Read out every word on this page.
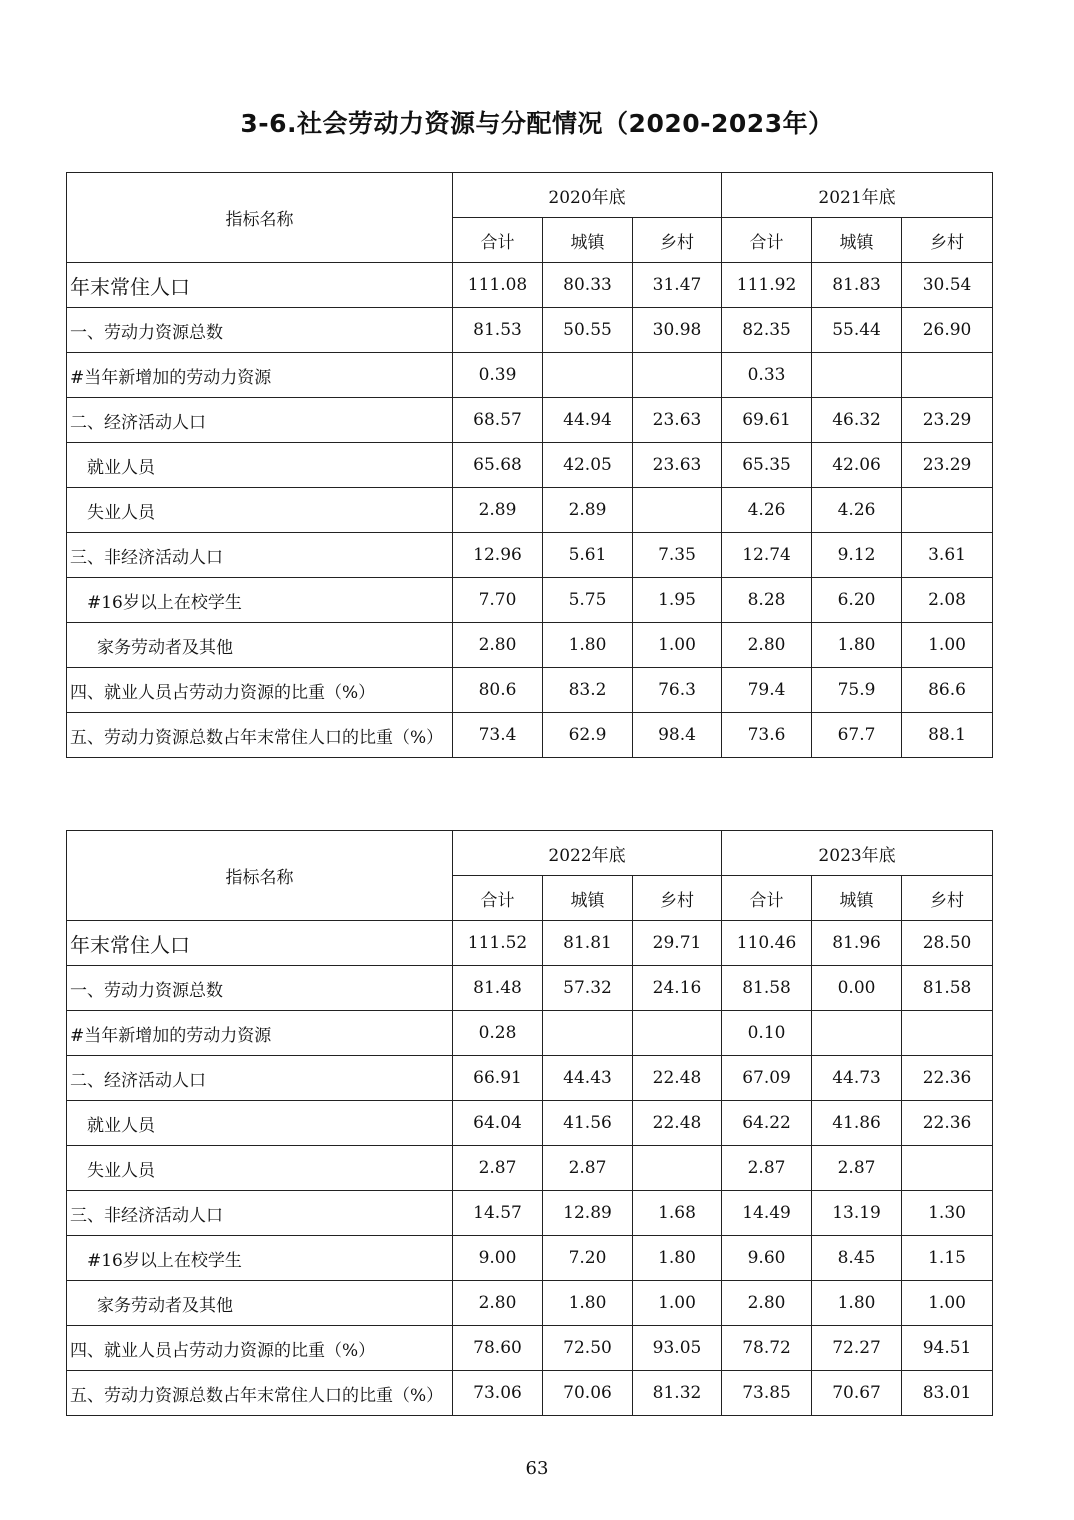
3-6.社会劳动力资源与分配情况（2020-2023年）
指标名称	2020年底			2021年底		
	合计	城镇	乡村	合计	城镇	乡村
年末常住人口	111.08	80.33	31.47	111.92	81.83	30.54
一、劳动力资源总数	81.53	50.55	30.98	82.35	55.44	26.90
#当年新增加的劳动力资源	0.39			0.33		
二、经济活动人口	68.57	44.94	23.63	69.61	46.32	23.29
就业人员	65.68	42.05	23.63	65.35	42.06	23.29
失业人员	2.89	2.89		4.26	4.26	
三、非经济活动人口	12.96	5.61	7.35	12.74	9.12	3.61
#16岁以上在校学生	7.70	5.75	1.95	8.28	6.20	2.08
家务劳动者及其他	2.80	1.80	1.00	2.80	1.80	1.00
四、就业人员占劳动力资源的比重（%）	80.6	83.2	76.3	79.4	75.9	86.6
五、劳动力资源总数占年末常住人口的比重（%）	73.4	62.9	98.4	73.6	67.7	88.1
指标名称	2022年底			2023年底		
	合计	城镇	乡村	合计	城镇	乡村
年末常住人口	111.52	81.81	29.71	110.46	81.96	28.50
一、劳动力资源总数	81.48	57.32	24.16	81.58	0.00	81.58
#当年新增加的劳动力资源	0.28			0.10		
二、经济活动人口	66.91	44.43	22.48	67.09	44.73	22.36
就业人员	64.04	41.56	22.48	64.22	41.86	22.36
失业人员	2.87	2.87		2.87	2.87	
三、非经济活动人口	14.57	12.89	1.68	14.49	13.19	1.30
#16岁以上在校学生	9.00	7.20	1.80	9.60	8.45	1.15
家务劳动者及其他	2.80	1.80	1.00	2.80	1.80	1.00
四、就业人员占劳动力资源的比重（%）	78.60	72.50	93.05	78.72	72.27	94.51
五、劳动力资源总数占年末常住人口的比重（%）	73.06	70.06	81.32	73.85	70.67	83.01
63
